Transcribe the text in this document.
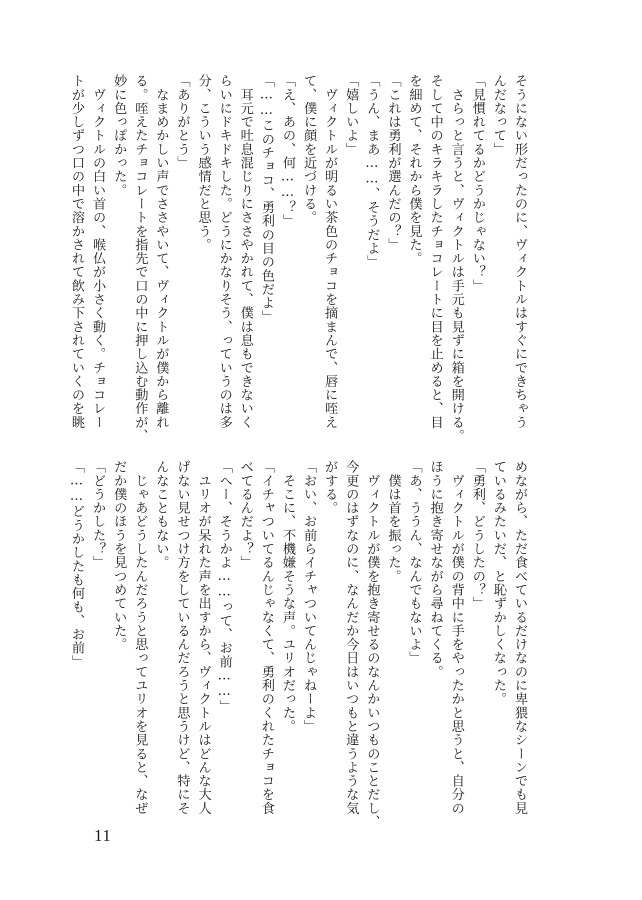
そうにない形だったのに、ヴィクトルはすぐにできちゃう
んだなって」
「見慣れてるかどうかじゃない？」
　さらっと言うと、ヴィクトルは手元も見ずに箱を開ける。
そして中のキラキラしたチョコレートに目を止めると、目
を細めて、それから僕を見た。
「これは勇利が選んだの？」
「うん、まあ……、そうだよ」
「嬉しいよ」
　ヴィクトルが明るい茶色のチョコを摘まんで、唇に咥え
て、僕に顔を近づける。
「え、あの、何……？」
「……このチョコ、勇利の目の色だよ」
　耳元で吐息混じりにささやかれて、僕は息もできないく
らいにドキドキした。どうにかなりそう、っていうのは多
分、こういう感情だと思う。
「ありがとう」
　なまめかしい声でささやいて、ヴィクトルが僕から離れ
る。咥えたチョコレートを指先で口の中に押し込む動作が、
妙に色っぽかった。
　ヴィクトルの白い首の、喉仏が小さく動く。チョコレー
トが少しずつ口の中で溶かされて飲み下されていくのを眺
めながら、ただ食べているだけなのに卑猥なシーンでも見
ているみたいだ、と恥ずかしくなった。
「勇利、どうしたの？」
　ヴィクトルが僕の背中に手をやったかと思うと、自分の
ほうに抱き寄せながら尋ねてくる。
「あ、ううん、なんでもないよ」
　僕は首を振った。
　ヴィクトルが僕を抱き寄せるのなんかいつものことだし、
今更のはずなのに、なんだか今日はいつもと違うような気
がする。
「おい、お前らイチャついてんじゃねーよ」
　そこに、不機嫌そうな声。ユリオだった。
「イチャついてるんじゃなくて、勇利のくれたチョコを食
べてるんだよ？」
「へー、そうかよ……って、お前……」
　ユリオが呆れた声を出すから、ヴィクトルはどんな大人
げない見せつけ方をしているんだろうと思うけど、特にそ
んなこともない。
　じゃあどうしたんだろうと思ってユリオを見ると、なぜ
だか僕のほうを見つめていた。
「どうかした？」
「……どうかしたも何も、お前」
11
